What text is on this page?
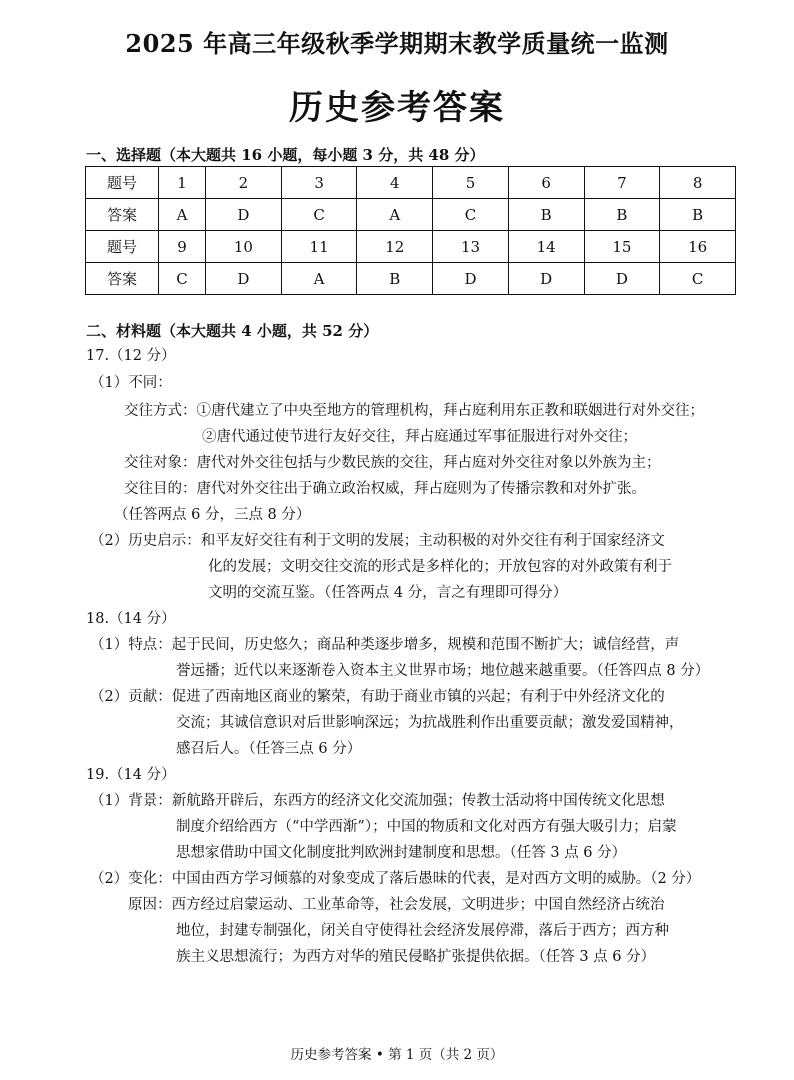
2025 年高三年级秋季学期期末教学质量统一监测
历史参考答案
一、选择题（本大题共 16 小题，每小题 3 分，共 48 分）
题号	1	2	3	4	5	6	7	8
答案	A	D	C	A	C	B	B	B
题号	9	10	11	12	13	14	15	16
答案	C	D	A	B	D	D	D	C
二、材料题（本大题共 4 小题，共 52 分）
17.（12 分）
（1）不同：
交往方式：①唐代建立了中央至地方的管理机构，拜占庭利用东正教和联姻进行对外交往；
②唐代通过使节进行友好交往，拜占庭通过军事征服进行对外交往；
交往对象：唐代对外交往包括与少数民族的交往，拜占庭对外交往对象以外族为主；
交往目的：唐代对外交往出于确立政治权威，拜占庭则为了传播宗教和对外扩张。
（任答两点 6 分，三点 8 分）
（2）历史启示：和平友好交往有利于文明的发展；主动积极的对外交往有利于国家经济文
化的发展；文明交往交流的形式是多样化的；开放包容的对外政策有利于
文明的交流互鉴。（任答两点 4 分，言之有理即可得分）
18.（14 分）
（1）特点：起于民间，历史悠久；商品种类逐步增多，规模和范围不断扩大；诚信经营，声
誉远播；近代以来逐渐卷入资本主义世界市场；地位越来越重要。（任答四点 8 分）
（2）贡献：促进了西南地区商业的繁荣，有助于商业市镇的兴起；有利于中外经济文化的
交流；其诚信意识对后世影响深远；为抗战胜利作出重要贡献；激发爱国精神，
感召后人。（任答三点 6 分）
19.（14 分）
（1）背景：新航路开辟后，东西方的经济文化交流加强；传教士活动将中国传统文化思想
制度介绍给西方（“中学西渐”）；中国的物质和文化对西方有强大吸引力；启蒙
思想家借助中国文化制度批判欧洲封建制度和思想。（任答 3 点 6 分）
（2）变化：中国由西方学习倾慕的对象变成了落后愚昧的代表，是对西方文明的威胁。（2 分）
原因：西方经过启蒙运动、工业革命等，社会发展，文明进步；中国自然经济占统治
地位，封建专制强化，闭关自守使得社会经济发展停滞，落后于西方；西方种
族主义思想流行；为西方对华的殖民侵略扩张提供依据。（任答 3 点 6 分）
历史参考答案 • 第 1 页（共 2 页）
